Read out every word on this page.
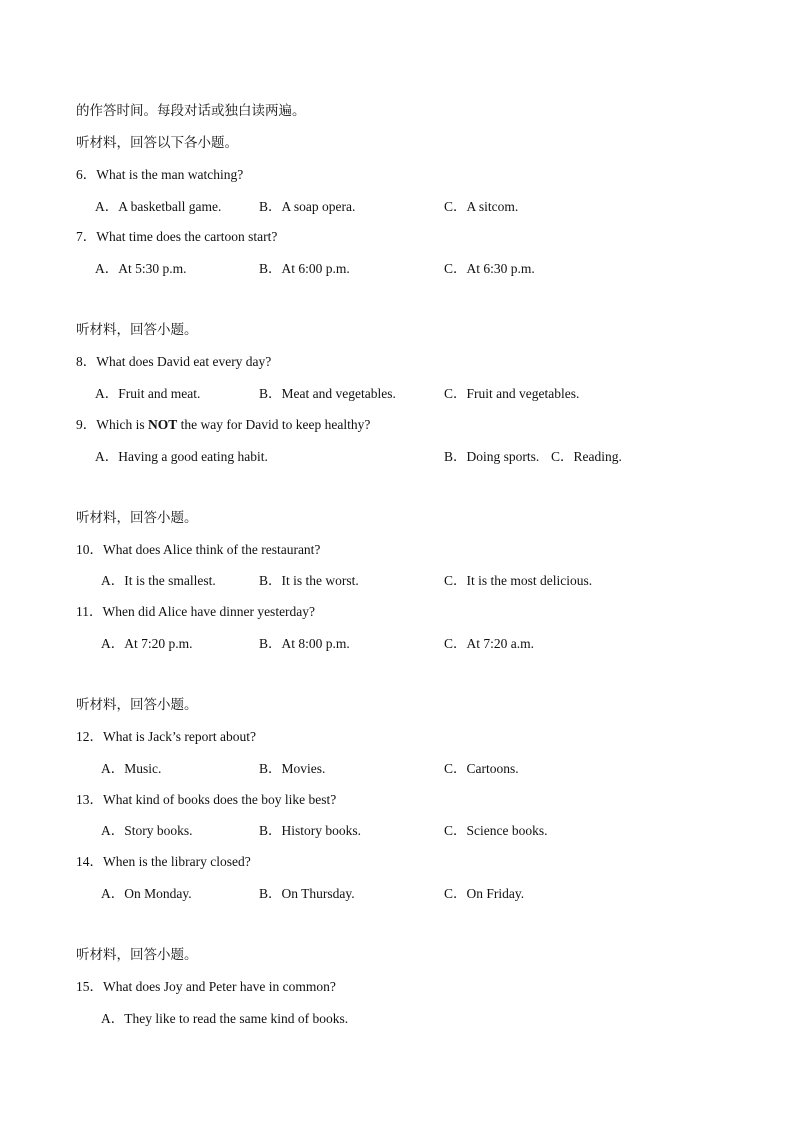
的作答时间。每段对话或独白读两遍。
听材料，回答以下各小题。
6．What is the man watching?
A．A basketball game.	B．A soap opera.	C．A sitcom.
7．What time does the cartoon start?
A．At 5:30 p.m.	B．At 6:00 p.m.	C．At 6:30 p.m.
听材料，回答小题。
8．What does David eat every day?
A．Fruit and meat.	B．Meat and vegetables.	C．Fruit and vegetables.
9．Which is NOT the way for David to keep healthy?
A．Having a good eating habit.	B．Doing sports. C．Reading.
听材料，回答小题。
10．What does Alice think of the restaurant?
A．It is the smallest.	B．It is the worst.	C．It is the most delicious.
11．When did Alice have dinner yesterday?
A．At 7:20 p.m.	B．At 8:00 p.m.	C．At 7:20 a.m.
听材料，回答小题。
12．What is Jack’s report about?
A．Music.	B．Movies.	C．Cartoons.
13．What kind of books does the boy like best?
A．Story books.	B．History books.	C．Science books.
14．When is the library closed?
A．On Monday.	B．On Thursday.	C．On Friday.
听材料，回答小题。
15．What does Joy and Peter have in common?
A．They like to read the same kind of books.
